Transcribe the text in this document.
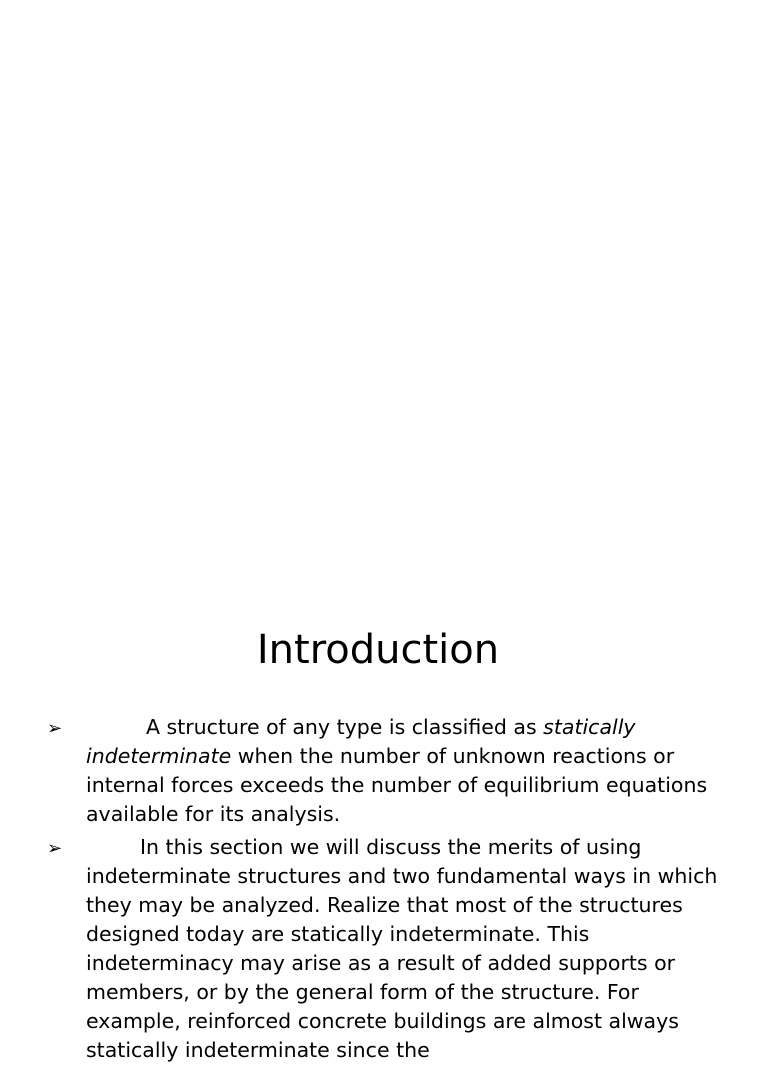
Introduction
➢	A structure of any type is classified as statically indeterminate when the number of unknown reactions or internal forces exceeds the number of equilibrium equations available for its analysis.
➢	In this section we will discuss the merits of using indeterminate structures and two fundamental ways in which they may be analyzed. Realize that most of the structures designed today are statically indeterminate. This indeterminacy may arise as a result of added supports or members, or by the general form of the structure. For example, reinforced concrete buildings are almost always statically indeterminate since the
